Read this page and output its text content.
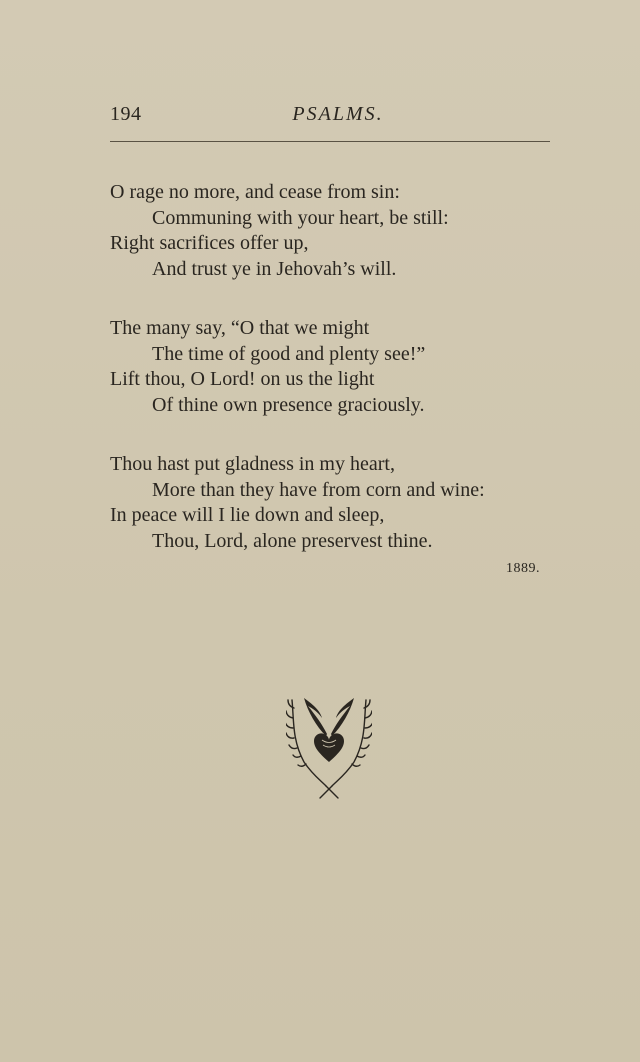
194	PSALMS.
O rage no more, and cease from sin:
Communing with your heart, be still:
Right sacrifices offer up,
And trust ye in Jehovah’s will.
The many say, “O that we might
The time of good and plenty see!”
Lift thou, O Lord! on us the light
Of thine own presence graciously.
Thou hast put gladness in my heart,
More than they have from corn and wine:
In peace will I lie down and sleep,
Thou, Lord, alone preservest thine.
1889.
